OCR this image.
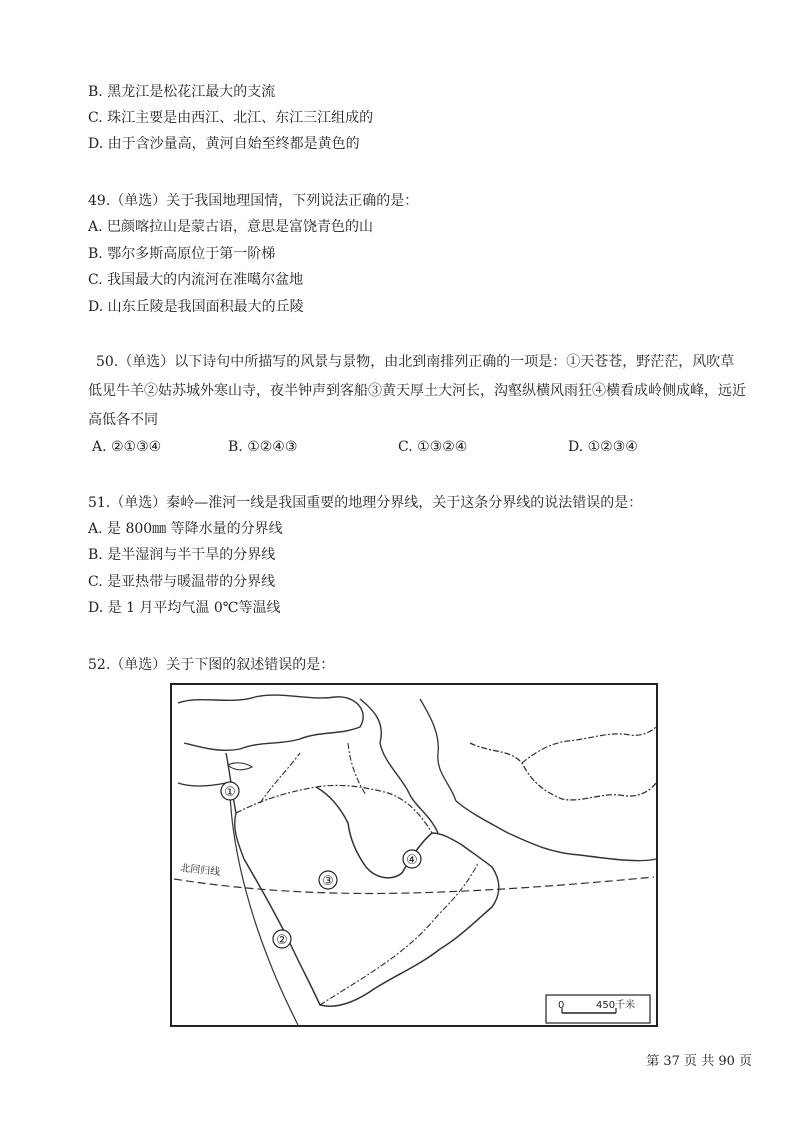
B. 黑龙江是松花江最大的支流
C. 珠江主要是由西江、北江、东江三江组成的
D. 由于含沙量高，黄河自始至终都是黄色的
49.（单选）关于我国地理国情，下列说法正确的是：
A. 巴颜喀拉山是蒙古语，意思是富饶青色的山
B. 鄂尔多斯高原位于第一阶梯
C. 我国最大的内流河在准噶尔盆地
D. 山东丘陵是我国面积最大的丘陵
50.（单选）以下诗句中所描写的风景与景物，由北到南排列正确的一项是：①天苍苍，野茫茫，风吹草低见牛羊②姑苏城外寒山寺，夜半钟声到客船③黄天厚土大河长，沟壑纵横风雨狂④横看成岭侧成峰，远近高低各不同
A. ②①③④	B. ①②④③	C. ①③②④	D. ①②③④
51.（单选）秦岭—淮河一线是我国重要的地理分界线，关于这条分界线的说法错误的是：
A. 是 800㎜ 等降水量的分界线
B. 是半湿润与半干旱的分界线
C. 是亚热带与暖温带的分界线
D. 是 1 月平均气温 0℃等温线
52.（单选）关于下图的叙述错误的是：
①
②
③
④
北回归线
0	450千米
第 37 页 共 90 页
